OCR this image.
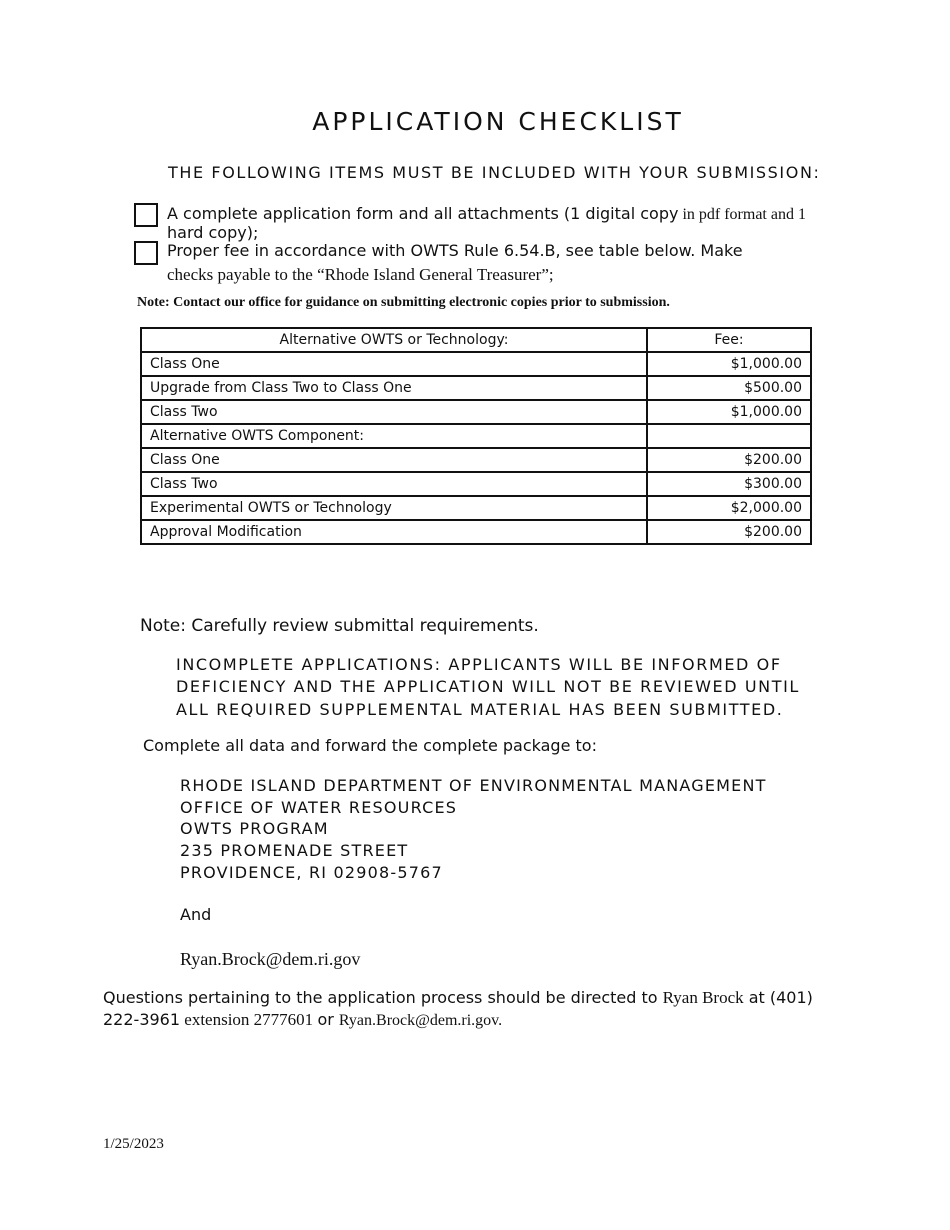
APPLICATION CHECKLIST
THE FOLLOWING ITEMS MUST BE INCLUDED WITH YOUR SUBMISSION:
A complete application form and all attachments (1 digital copy in pdf format and 1
hard copy);
Proper fee in accordance with OWTS Rule 6.54.B, see table below. Make
checks payable to the “Rhode Island General Treasurer”;
Note: Contact our office for guidance on submitting electronic copies prior to submission.
Alternative OWTS or Technology:	Fee:
Class One	$1,000.00
Upgrade from Class Two to Class One	$500.00
Class Two	$1,000.00
Alternative OWTS Component:	
Class One	$200.00
Class Two	$300.00
Experimental OWTS or Technology	$2,000.00
Approval Modification	$200.00
Note: Carefully review submittal requirements.
INCOMPLETE APPLICATIONS: APPLICANTS WILL BE INFORMED OF
DEFICIENCY AND THE APPLICATION WILL NOT BE REVIEWED UNTIL
ALL REQUIRED SUPPLEMENTAL MATERIAL HAS BEEN SUBMITTED.
Complete all data and forward the complete package to:
RHODE ISLAND DEPARTMENT OF ENVIRONMENTAL MANAGEMENT
OFFICE OF WATER RESOURCES
OWTS PROGRAM
235 PROMENADE STREET
PROVIDENCE, RI 02908-5767
And
Ryan.Brock@dem.ri.gov
Questions pertaining to the application process should be directed to Ryan Brock at (401)
222-3961 extension 2777601 or Ryan.Brock@dem.ri.gov.
1/25/2023
